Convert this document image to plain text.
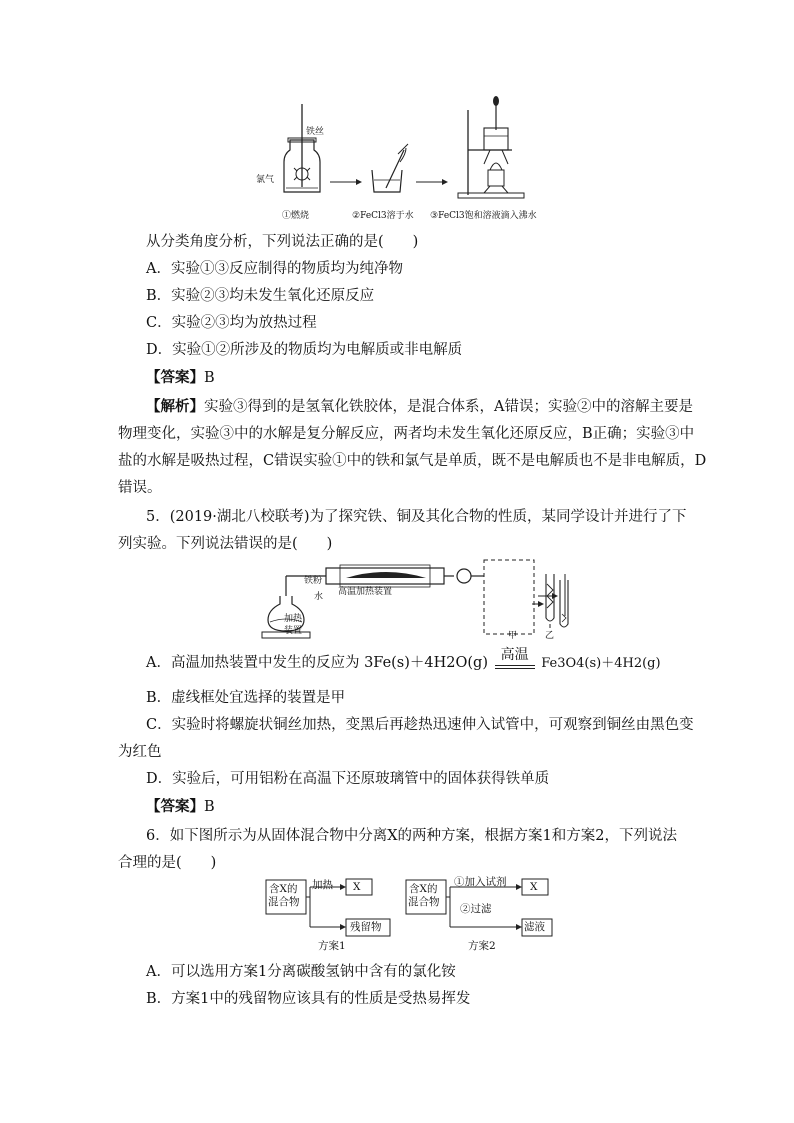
铁丝
氯气
①燃烧	②FeCl3溶于水 ③FeCl3饱和溶液滴入沸水
从分类角度分析，下列说法正确的是(　　)
A．实验①③反应制得的物质均为纯净物
B．实验②③均未发生氧化还原反应
C．实验②③均为放热过程
D．实验①②所涉及的物质均为电解质或非电解质
【答案】B
【解析】实验③得到的是氢氧化铁胶体，是混合体系，A错误；实验②中的溶解主要是
物理变化，实验③中的水解是复分解反应，两者均未发生氧化还原反应，B正确；实验③中
盐的水解是吸热过程，C错误实验①中的铁和氯气是单质，既不是电解质也不是非电解质，D
错误。
5．(2019·湖北八校联考)为了探究铁、铜及其化合物的性质，某同学设计并进行了下
列实验。下列说法错误的是(　　)
铁粉
水 高温加热装置
加热
装置	甲	乙
A．高温加热装置中发生的反应为 3Fe(s)＋4H2O(g) 高温
Fe3O4(s)＋4H2(g)
B．虚线框处宜选择的装置是甲
C．实验时将螺旋状铜丝加热，变黑后再趁热迅速伸入试管中，可观察到铜丝由黑色变
为红色
D．实验后，可用铝粉在高温下还原玻璃管中的固体获得铁单质
【答案】B
6．如下图所示为从固体混合物中分离X的两种方案，根据方案1和方案2，下列说法
合理的是(　　)
含X的
混合物
加热 X
残留物
方案1
含X的
混合物
①加入试剂
②过滤
X
滤液
方案2
A．可以选用方案1分离碳酸氢钠中含有的氯化铵
B．方案1中的残留物应该具有的性质是受热易挥发
